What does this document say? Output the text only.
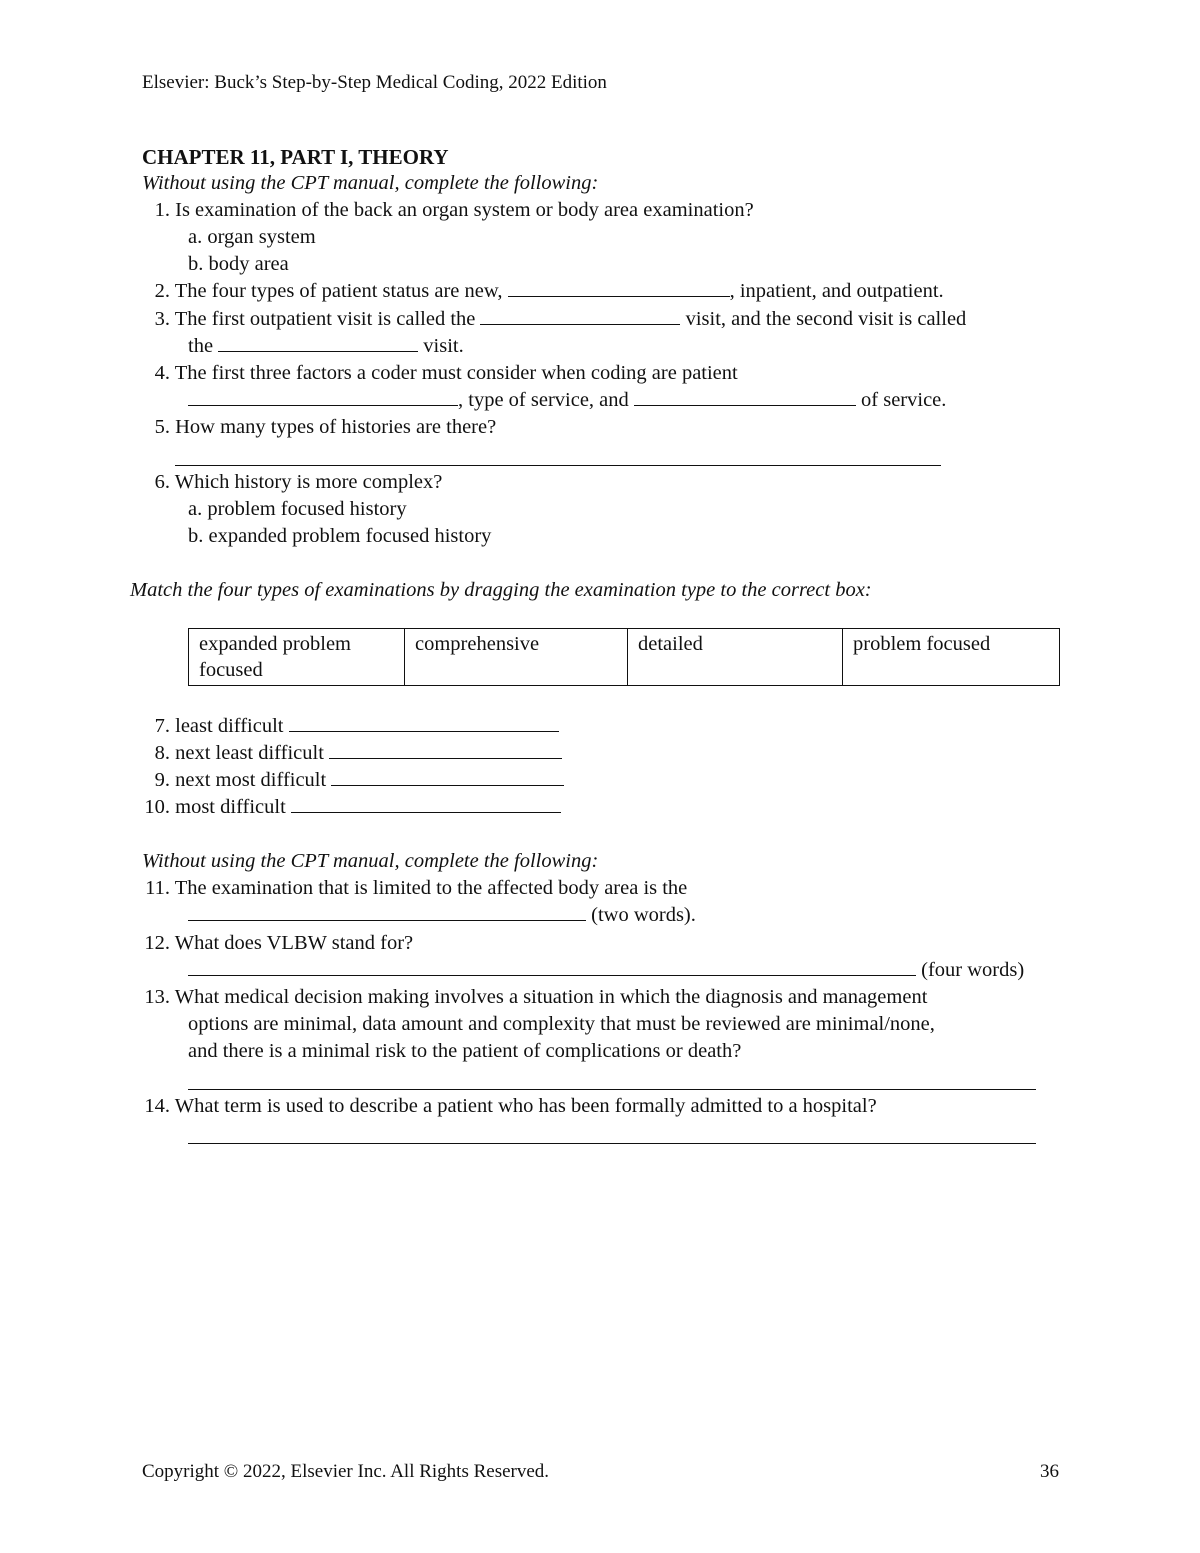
Elsevier: Buck’s Step-by-Step Medical Coding, 2022 Edition
CHAPTER 11, PART I, THEORY
Without using the CPT manual, complete the following:
1. Is examination of the back an organ system or body area examination?
a. organ system
b. body area
2. The four types of patient status are new,	, inpatient, and outpatient.
3. The first outpatient visit is called the	visit, and the second visit is called
the	visit.
4. The first three factors a coder must consider when coding are patient
, type of service, and	of service.
5. How many types of histories are there?
6. Which history is more complex?
a. problem focused history
b. expanded problem focused history
Match the four types of examinations by dragging the examination type to the correct box:
expanded problem focused	comprehensive	detailed	problem focused
7. least difficult
8. next least difficult
9. next most difficult
10. most difficult
Without using the CPT manual, complete the following:
11. The examination that is limited to the affected body area is the
(two words).
12. What does VLBW stand for?
(four words)
13. What medical decision making involves a situation in which the diagnosis and management
options are minimal, data amount and complexity that must be reviewed are minimal/none,
and there is a minimal risk to the patient of complications or death?
14. What term is used to describe a patient who has been formally admitted to a hospital?
Copyright © 2022, Elsevier Inc. All Rights Reserved.	36
